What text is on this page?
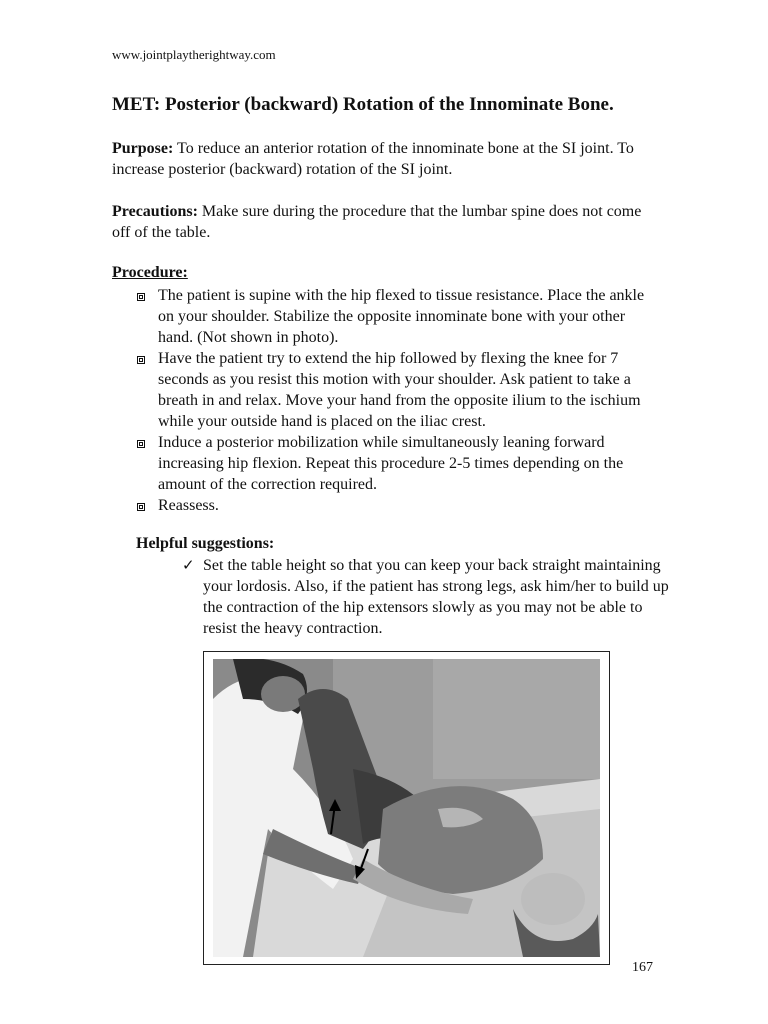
www.jointplaytherightway.com
MET: Posterior (backward) Rotation of the Innominate Bone.

Purpose: To reduce an anterior rotation of the innominate bone at the SI joint. To increase posterior (backward) rotation of the SI joint.

Precautions: Make sure during the procedure that the lumbar spine does not come off of the table.

Procedure:
The patient is supine with the hip flexed to tissue resistance. Place the ankle on your shoulder. Stabilize the opposite innominate bone with your other hand. (Not shown in photo).
Have the patient try to extend the hip followed by flexing the knee for 7 seconds as you resist this motion with your shoulder. Ask patient to take a breath in and relax. Move your hand from the opposite ilium to the ischium while your outside hand is placed on the iliac crest.
Induce a posterior mobilization while simultaneously leaning forward increasing hip flexion. Repeat this procedure 2-5 times depending on the amount of the correction required.
Reassess.
Helpful suggestions:

✓ Set the table height so that you can keep your back straight maintaining your lordosis. Also, if the patient has strong legs, ask him/her to build up the contraction of the hip extensors slowly as you may not be able to resist the heavy contraction.

167
